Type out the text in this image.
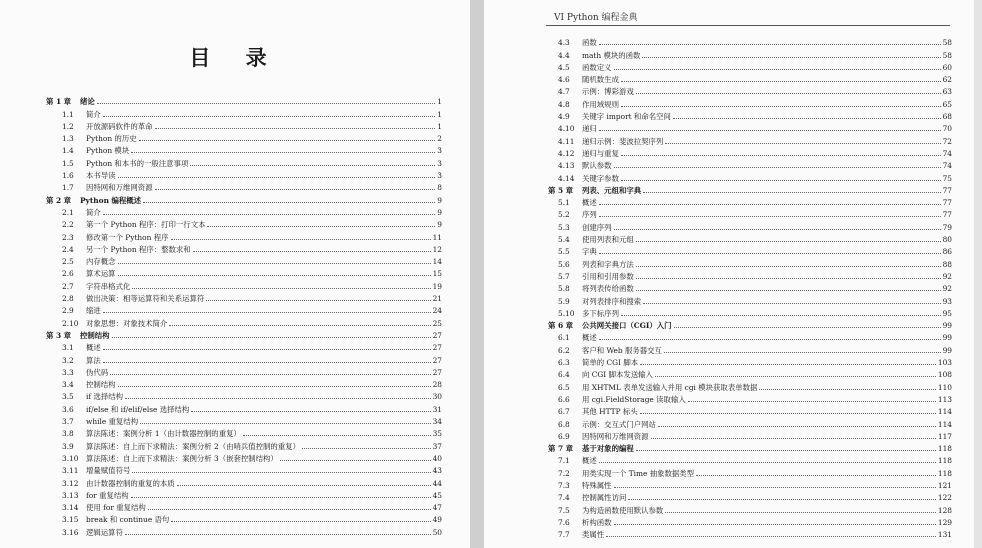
目 录
第 1 章	绪论	1
1.1	简介	1
1.2	开放源码软件的革命	1
1.3	Python 的历史	2
1.4	Python 模块	3
1.5	Python 和本书的一般注意事项	3
1.6	本书导读	3
1.7	因特网和万维网资源	8
第 2 章	Python 编程概述	9
2.1	简介	9
2.2	第一个 Python 程序：打印一行文本	9
2.3	修改第一个 Python 程序	11
2.4	另一个 Python 程序：整数求和	12
2.5	内存概念	14
2.6	算术运算	15
2.7	字符串格式化	19
2.8	做出决策：相等运算符和关系运算符	21
2.9	缩进	24
2.10	对象思想：对象技术简介	25
第 3 章	控制结构	27
3.1	概述	27
3.2	算法	27
3.3	伪代码	27
3.4	控制结构	28
3.5	if 选择结构	30
3.6	if/else 和 if/elif/else 选择结构	31
3.7	while 重复结构	34
3.8	算法陈述：案例分析 1（由计数器控制的重复）	35
3.9	算法陈述：自上而下求精法：案例分析 2（由哨兵值控制的重复）	37
3.10	算法陈述：自上而下求精法：案例分析 3（嵌套控制结构）	40
3.11	增量赋值符号	43
3.12	由计数器控制的重复的本质	44
3.13	for 重复结构	45
3.14	使用 for 重复结构	47
3.15	break 和 continue 语句	49
3.16	逻辑运算符	50
VI Python 编程金典
4.3	函数	58
4.4	math 模块的函数	58
4.5	函数定义	60
4.6	随机数生成	62
4.7	示例：博彩游戏	63
4.8	作用域规则	65
4.9	关键字 import 和命名空间	68
4.10	递归	70
4.11	递归示例：斐波拉契序列	72
4.12	递归与重复	74
4.13	默认参数	74
4.14	关键字参数	75
第 5 章	列表、元组和字典	77
5.1	概述	77
5.2	序列	77
5.3	创建序列	79
5.4	使用列表和元组	80
5.5	字典	86
5.6	列表和字典方法	88
5.7	引用和引用参数	92
5.8	将列表传给函数	92
5.9	对列表排序和搜索	93
5.10	多下标序列	95
第 6 章	公共网关接口（CGI）入门	99
6.1	概述	99
6.2	客户和 Web 服务器交互	99
6.3	简单的 CGI 脚本	103
6.4	向 CGI 脚本发送输入	108
6.5	用 XHTML 表单发送输入并用 cgi 模块获取表单数据	110
6.6	用 cgi.FieldStorage 读取输入	113
6.7	其他 HTTP 标头	114
6.8	示例：交互式门户网站	114
6.9	因特网和万维网资源	117
第 7 章	基于对象的编程	118
7.1	概述	118
7.2	用类实现一个 Time 抽象数据类型	118
7.3	特殊属性	121
7.4	控制属性访问	122
7.5	为构造函数使用默认参数	128
7.6	析构函数	129
7.7	类属性	131
